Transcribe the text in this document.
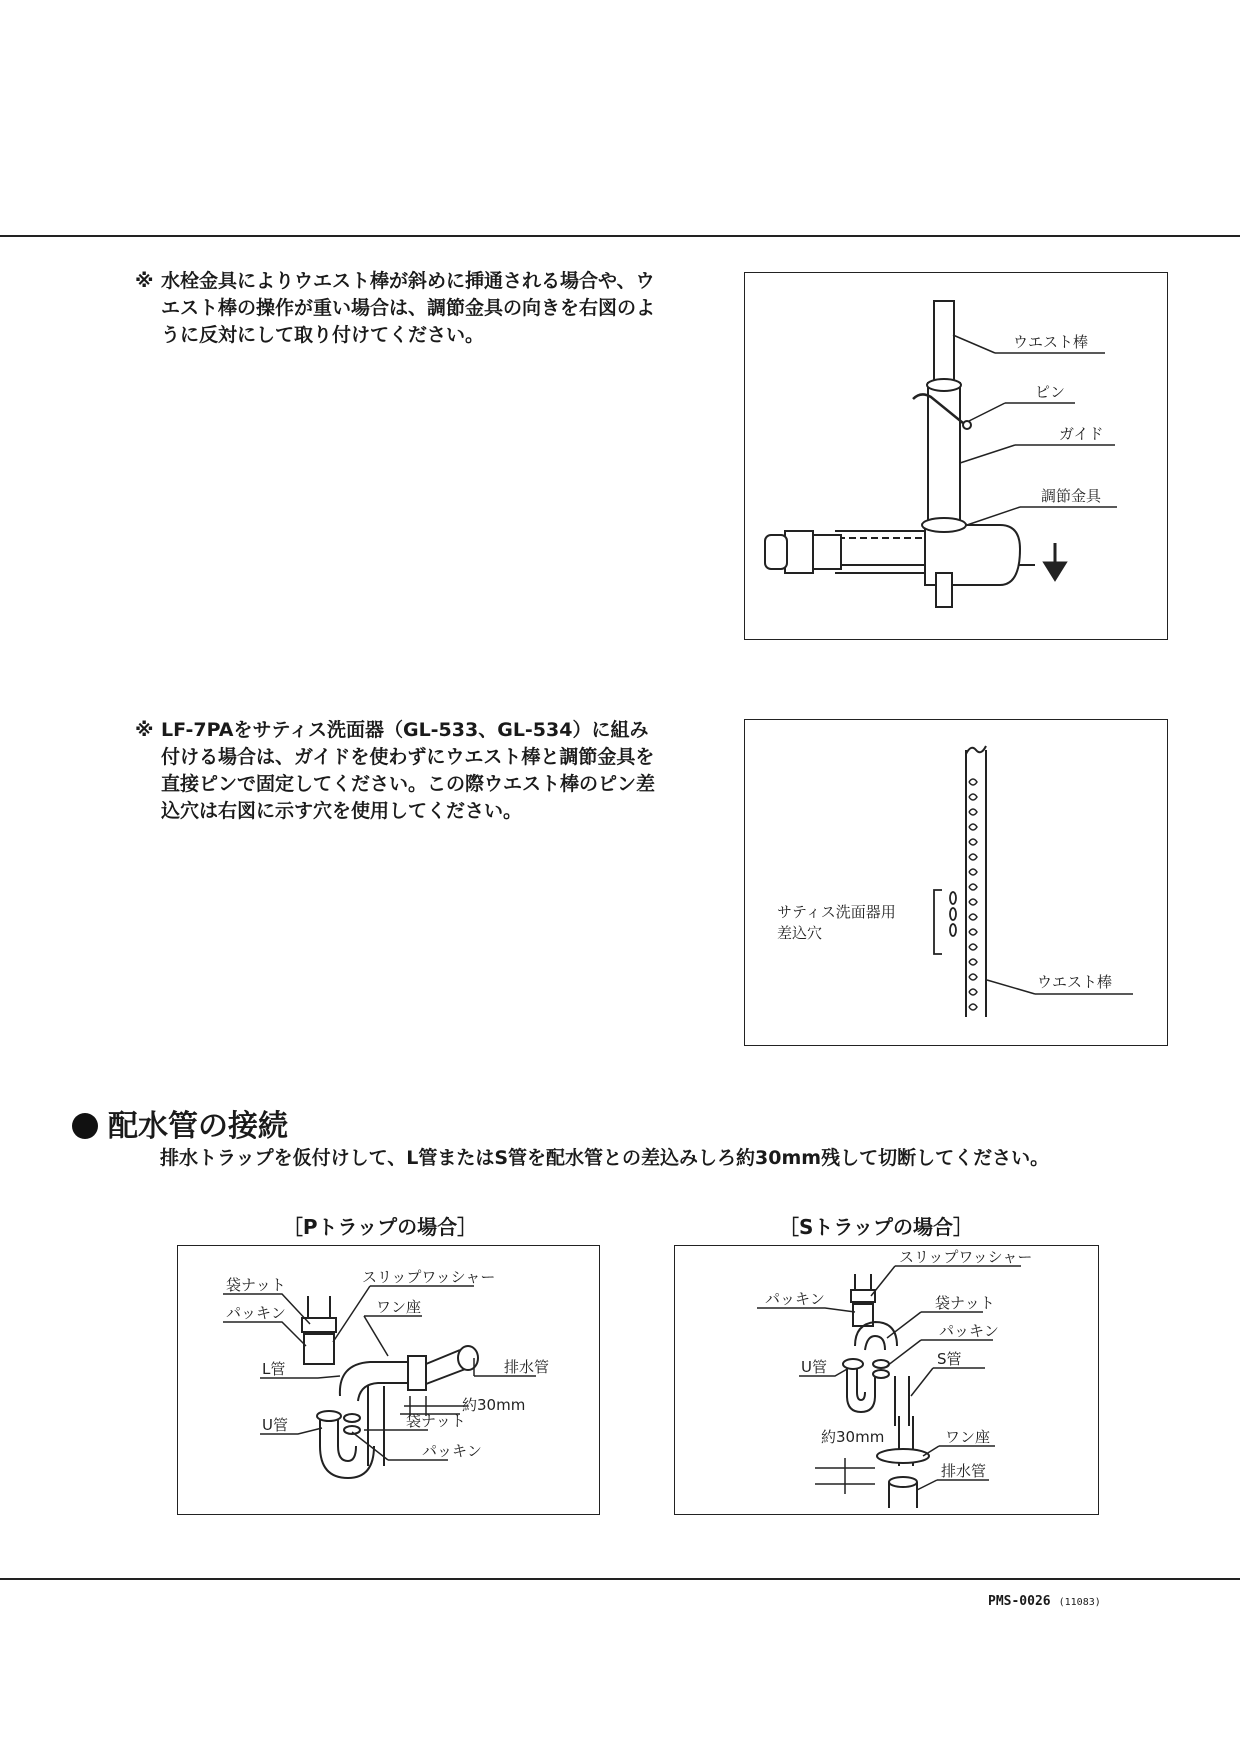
※ 水栓金具によりウエスト棒が斜めに挿通される場合や、ウ
エスト棒の操作が重い場合は、調節金具の向きを右図のよ
うに反対にして取り付けてください。	ウエスト棒
ピン
ガイド
調節金具
※ LF-7PAをサティス洗面器（GL-533、GL-534）に組み
付ける場合は、ガイドを使わずにウエスト棒と調節金具を
直接ピンで固定してください。この際ウエスト棒のピン差
込穴は右図に示す穴を使用してください。
サティス洗面器用
差込穴
ウエスト棒
配水管の接続
排水トラップを仮付けして、L管またはS管を配水管との差込みしろ約30mm残して切断してください。
［Pトラップの場合］
袋ナット	スリップワッシャー
パッキン	ワン座
L管	排水管
約30mm
袋ナット
U管
パッキン
［Sトラップの場合］
スリップワッシャー
パッキン	袋ナット
パッキン
U管	S管
約30mm	ワン座
排水管
PMS-0026 (11083)
